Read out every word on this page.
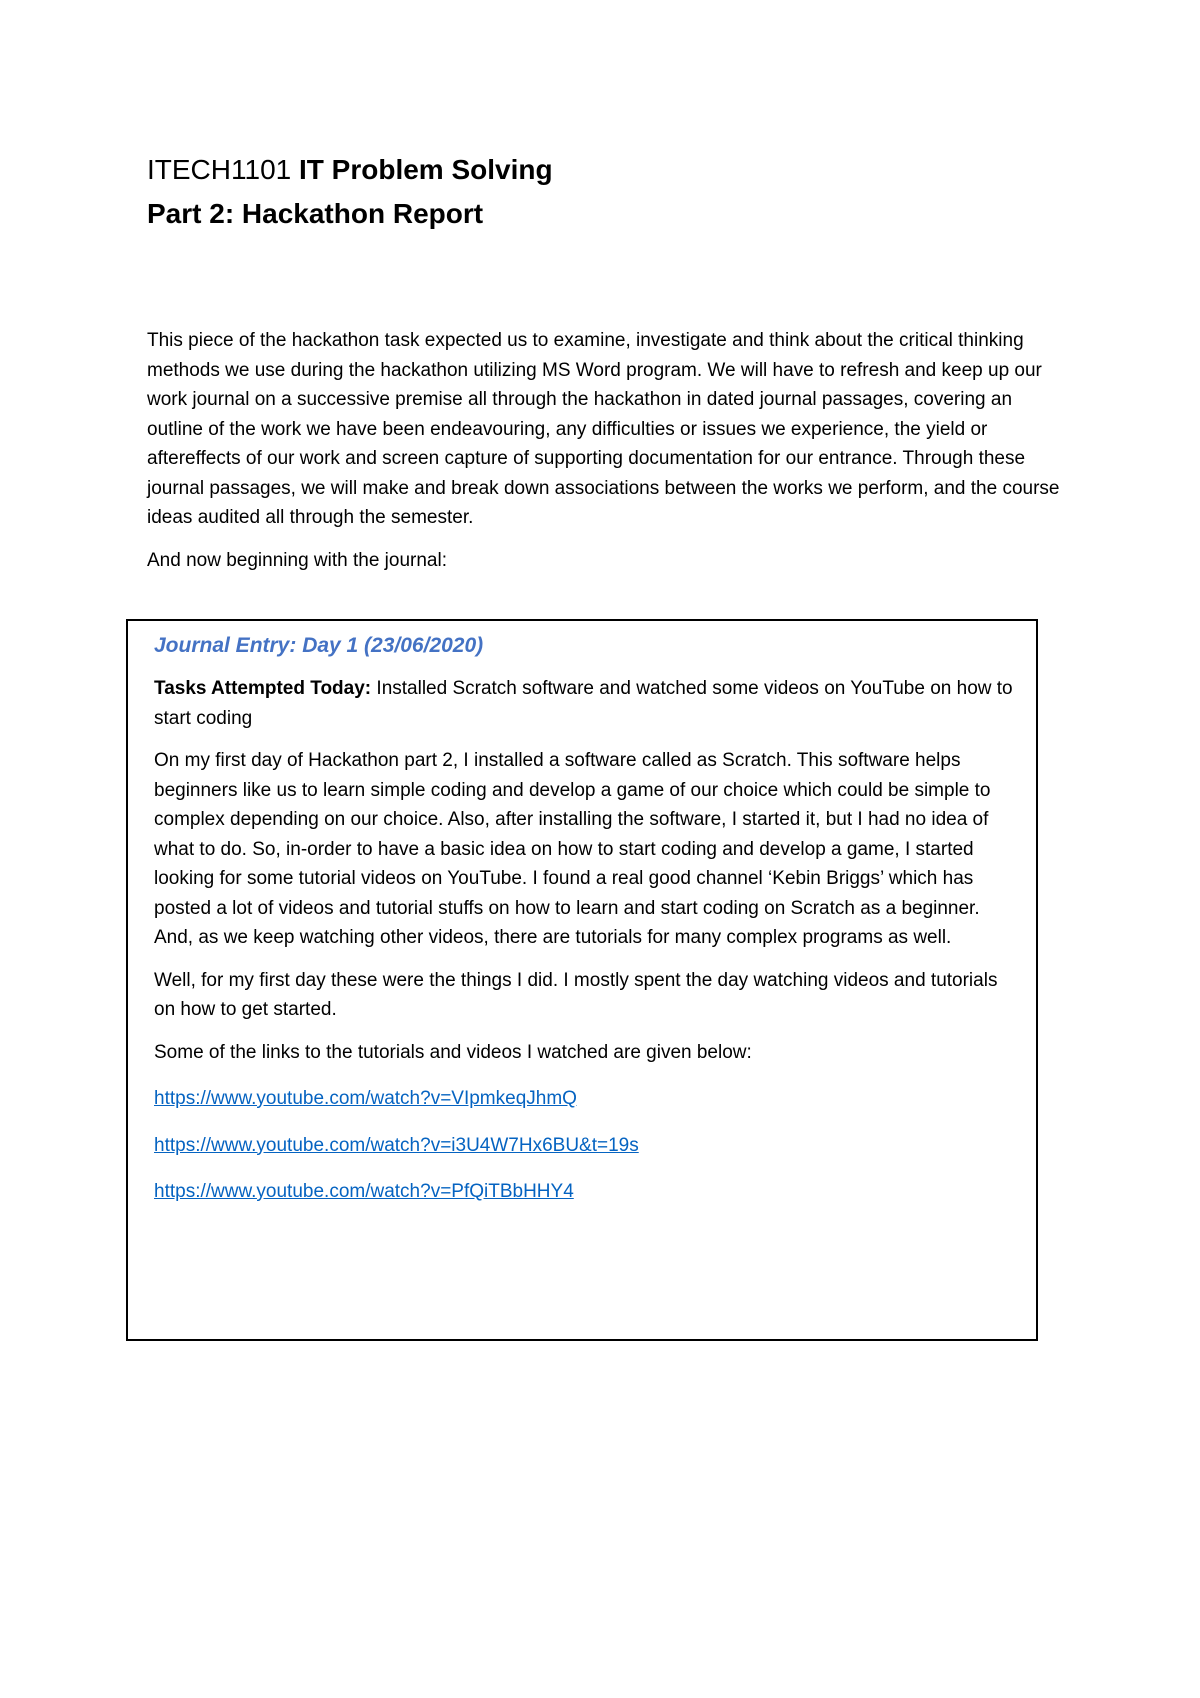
ITECH1101 IT Problem Solving
Part 2: Hackathon Report

This piece of the hackathon task expected us to examine, investigate and think about the critical thinking methods we use during the hackathon utilizing MS Word program. We will have to refresh and keep up our work journal on a successive premise all through the hackathon in dated journal passages, covering an outline of the work we have been endeavouring, any difficulties or issues we experience, the yield or aftereffects of our work and screen capture of supporting documentation for our entrance. Through these journal passages, we will make and break down associations between the works we perform, and the course ideas audited all through the semester.

And now beginning with the journal:

Journal Entry: Day 1 (23/06/2020)

Tasks Attempted Today: Installed Scratch software and watched some videos on YouTube on how to start coding

On my first day of Hackathon part 2, I installed a software called as Scratch. This software helps beginners like us to learn simple coding and develop a game of our choice which could be simple to complex depending on our choice. Also, after installing the software, I started it, but I had no idea of what to do. So, in-order to have a basic idea on how to start coding and develop a game, I started looking for some tutorial videos on YouTube. I found a real good channel ‘Kebin Briggs’ which has posted a lot of videos and tutorial stuffs on how to learn and start coding on Scratch as a beginner. And, as we keep watching other videos, there are tutorials for many complex programs as well.

Well, for my first day these were the things I did. I mostly spent the day watching videos and tutorials on how to get started.

Some of the links to the tutorials and videos I watched are given below:

https://www.youtube.com/watch?v=VIpmkeqJhmQ
https://www.youtube.com/watch?v=i3U4W7Hx6BU&t=19s
https://www.youtube.com/watch?v=PfQiTBbHHY4
